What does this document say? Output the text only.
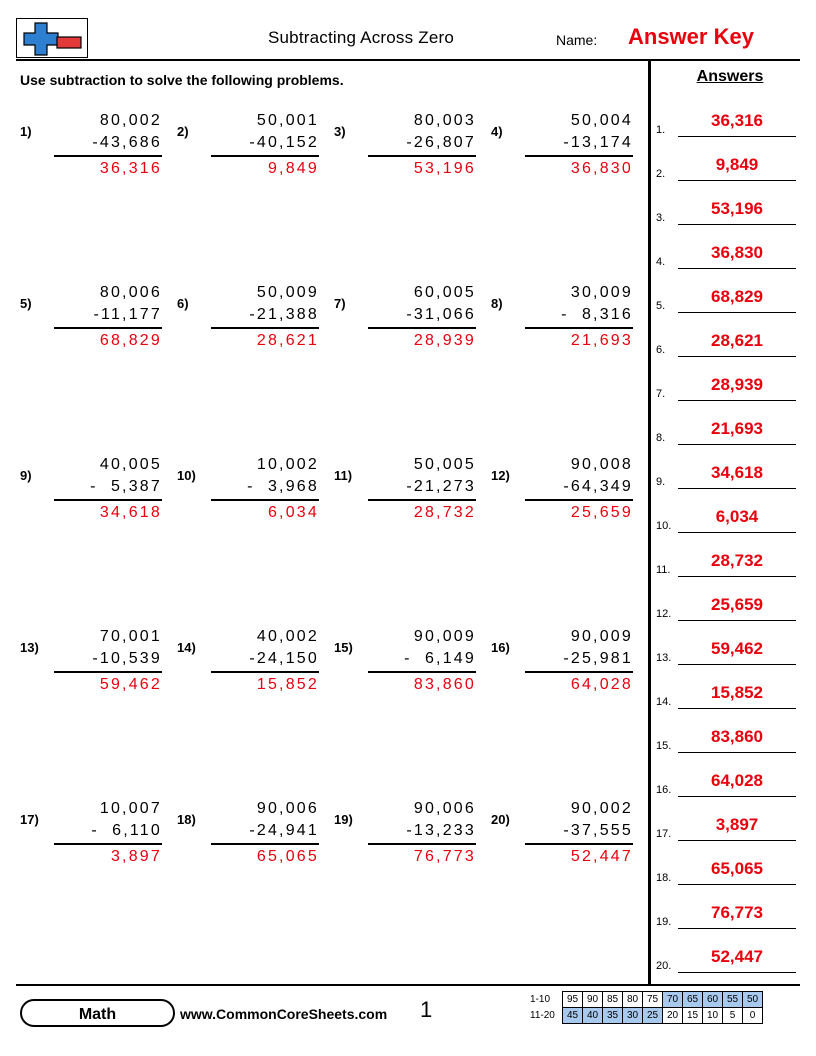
Subtracting Across Zero	Name: Answer Key
Use subtraction to solve the following problems.
1)
80,002
-43,686
36,316
2)
50,001
-40,152
9,849
3)
80,003
-26,807
53,196
4)
50,004
-13,174
36,830
5)
80,006
-11,177
68,829
6)
50,009
-21,388
28,621
7)
60,005
-31,066
28,939
8)
30,009
-  8,316
21,693
9)
40,005
-  5,387
34,618
10)
10,002
-  3,968
6,034
11)
50,005
-21,273
28,732
12)
90,008
-64,349
25,659
13)
70,001
-10,539
59,462
14)
40,002
-24,150
15,852
15)
90,009
-  6,149
83,860
16)
90,009
-25,981
64,028
17)
10,007
-  6,110
3,897
18)
90,006
-24,941
65,065
19)
90,006
-13,233
76,773
20)
90,002
-37,555
52,447
Answers
1.	36,316
2.	9,849
3.	53,196
4.	36,830
5.	68,829
6.	28,621
7.	28,939
8.	21,693
9.	34,618
10.	6,034
11.	28,732
12.	25,659
13.	59,462
14.	15,852
15.	83,860
16.	64,028
17.	3,897
18.	65,065
19.	76,773
20.	52,447
Math	www.CommonCoreSheets.com 1	1-10	95	90	85	80	75	70	65	60	55	50
11-20	45	40	35	30	25	20	15	10	5	0
